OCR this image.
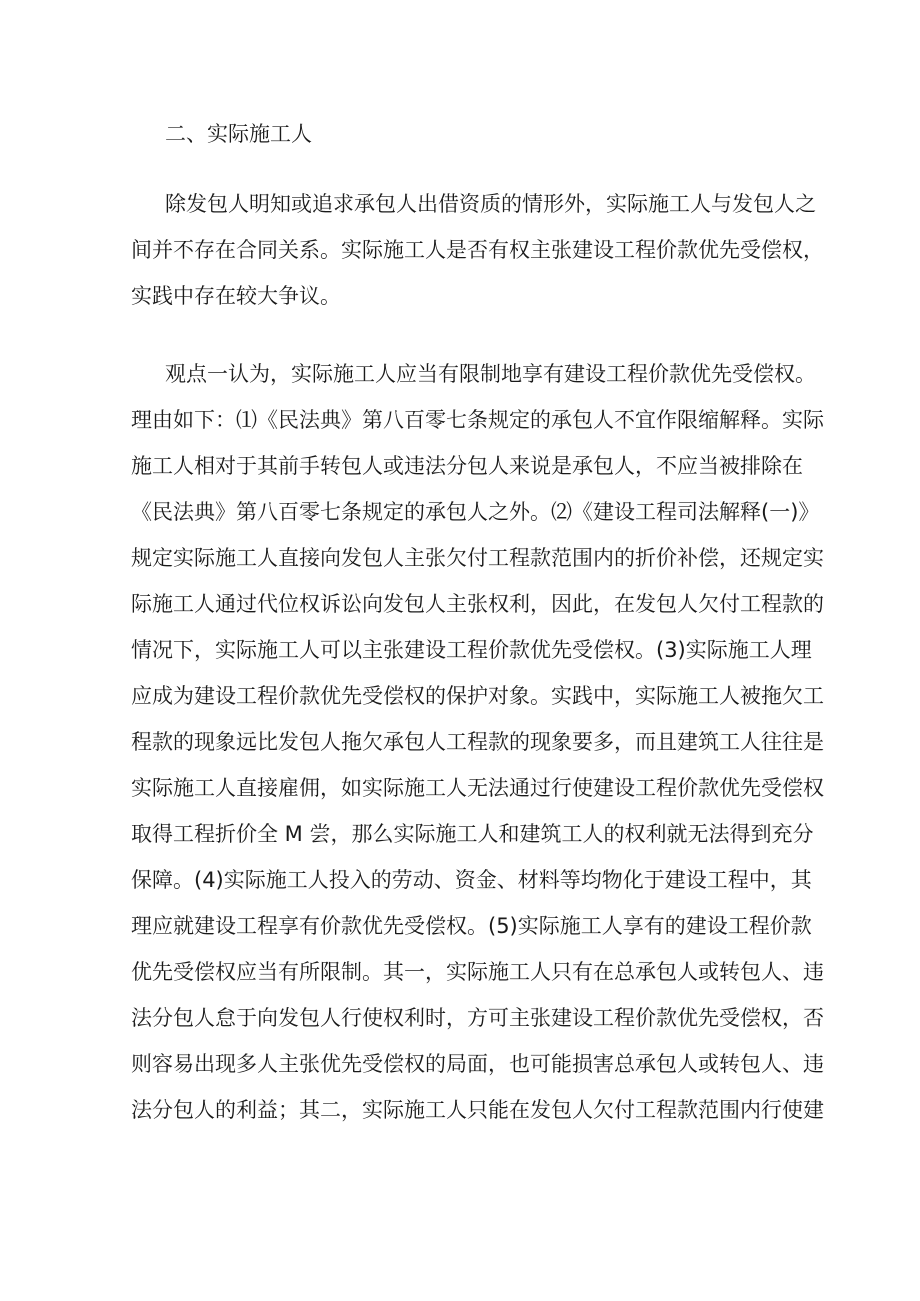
二、实际施工人
除发包人明知或追求承包人出借资质的情形外，实际施工人与发包人之
间并不存在合同关系。实际施工人是否有权主张建设工程价款优先受偿权，
实践中存在较大争议。
观点一认为，实际施工人应当有限制地享有建设工程价款优先受偿权。
理由如下：⑴《民法典》第八百零七条规定的承包人不宜作限缩解释。实际
施工人相对于其前手转包人或违法分包人来说是承包人，不应当被排除在
《民法典》第八百零七条规定的承包人之外。⑵《建设工程司法解释(一)》
规定实际施工人直接向发包人主张欠付工程款范围内的折价补偿，还规定实
际施工人通过代位权诉讼向发包人主张权利，因此，在发包人欠付工程款的
情况下，实际施工人可以主张建设工程价款优先受偿权。(3)实际施工人理
应成为建设工程价款优先受偿权的保护对象。实践中，实际施工人被拖欠工
程款的现象远比发包人拖欠承包人工程款的现象要多，而且建筑工人往往是
实际施工人直接雇佣，如实际施工人无法通过行使建设工程价款优先受偿权
取得工程折价全 M 尝，那么实际施工人和建筑工人的权利就无法得到充分
保障。(4)实际施工人投入的劳动、资金、材料等均物化于建设工程中，其
理应就建设工程享有价款优先受偿权。(5)实际施工人享有的建设工程价款
优先受偿权应当有所限制。其一，实际施工人只有在总承包人或转包人、违
法分包人怠于向发包人行使权利时，方可主张建设工程价款优先受偿权，否
则容易出现多人主张优先受偿权的局面，也可能损害总承包人或转包人、违
法分包人的利益；其二，实际施工人只能在发包人欠付工程款范围内行使建
